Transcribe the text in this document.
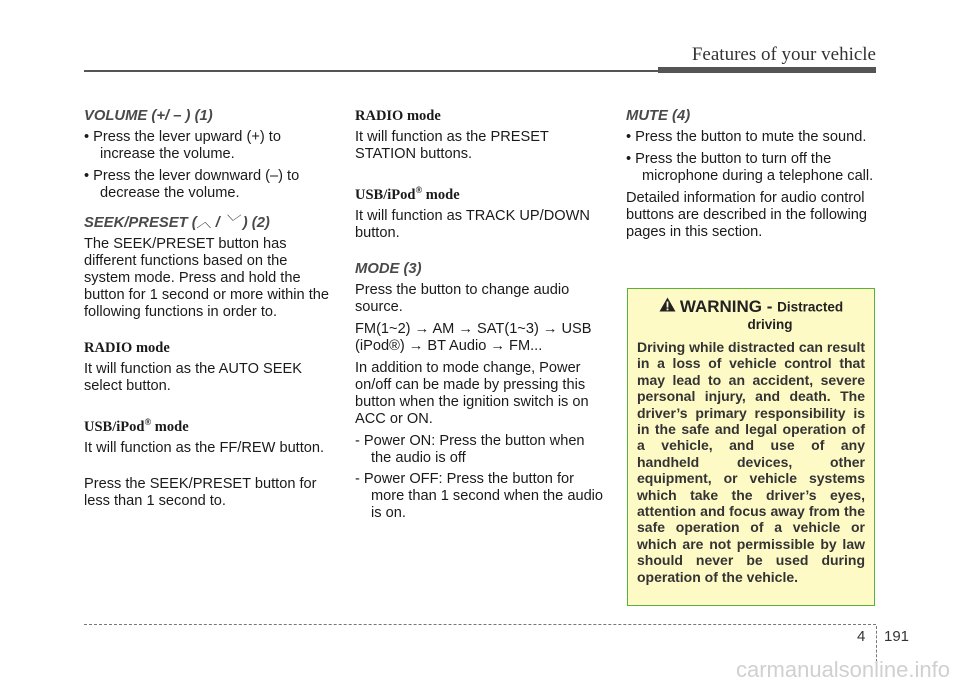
Features of your vehicle
VOLUME (+/ – ) (1)
• Press the lever upward (+) to increase the volume.
• Press the lever downward (–) to decrease the volume.
SEEK/PRESET (︿ / ﹀ ) (2)

The SEEK/PRESET button has different functions based on the system mode. Press and hold the button for 1 second or more within the following functions in order to.

RADIO mode

It will function as the AUTO SEEK select button.

USB/iPod® mode

It will function as the FF/REW button.

Press the SEEK/PRESET button for less than 1 second to.

RADIO mode

It will function as the PRESET STATION buttons.

USB/iPod® mode

It will function as TRACK UP/DOWN button.

MODE (3)

Press the button to change audio source.

FM(1~2) → AM → SAT(1~3) → USB

(iPod®) → BT Audio → FM...

In addition to mode change, Power on/off can be made by pressing this button when the ignition switch is on ACC or ON.

- Power ON: Press the button when the audio is off
- Power OFF: Press the button for more than 1 second when the audio is on.
MUTE (4)
• Press the button to mute the sound.
• Press the button to turn off the microphone during a telephone call.

Detailed information for audio control buttons are described in the following pages in this section.

WARNING - Distracted
driving
Driving while distracted can result in a loss of vehicle control that may lead to an accident, severe personal injury, and death. The driver’s primary responsibility is in the safe and legal operation of a vehicle, and use of any handheld devices, other equipment, or vehicle systems which take the driver’s eyes, attention and focus away from the safe operation of a vehicle or which are not permissible by law should never be used during operation of the vehicle.
4 191
carmanualsonline.info
